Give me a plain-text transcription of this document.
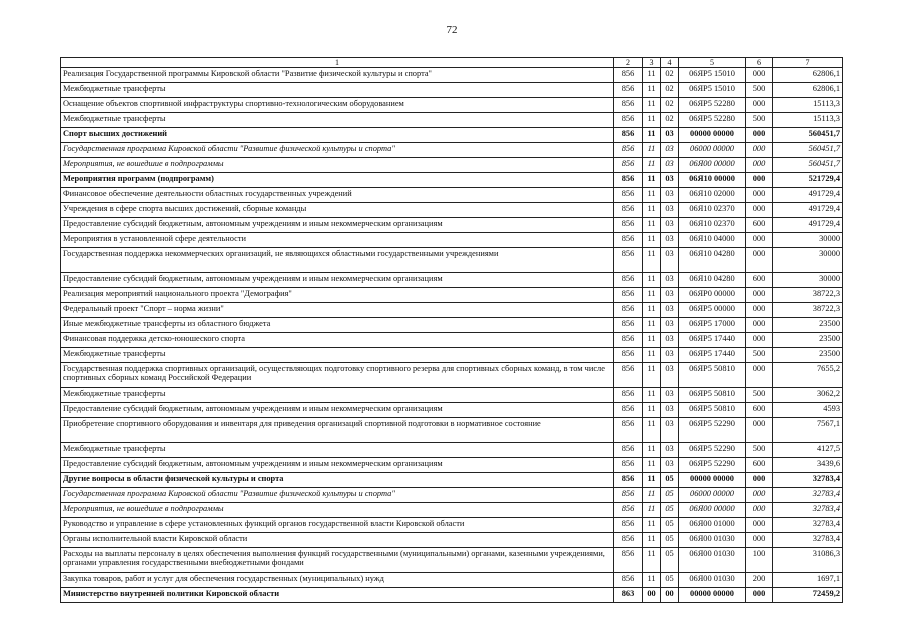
72
1	2	3	4	5	6	7
Реализация Государственной программы Кировской области "Развитие физической культуры и спорта"	856	11	02	06ЯР5 15010	000	62806,1
Межбюджетные трансферты	856	11	02	06ЯР5 15010	500	62806,1
Оснащение объектов спортивной инфраструктуры спортивно-технологическим оборудованием	856	11	02	06ЯР5 52280	000	15113,3
Межбюджетные трансферты	856	11	02	06ЯР5 52280	500	15113,3
Спорт высших достижений	856	11	03	00000 00000	000	560451,7
Государственная программа Кировской области "Развитие физической культуры и спорта"	856	11	03	06000 00000	000	560451,7
Мероприятия, не вошедшие в подпрограммы	856	11	03	06Я00 00000	000	560451,7
Мероприятия программ (подпрограмм)	856	11	03	06Я10 00000	000	521729,4
Финансовое обеспечение деятельности областных государственных учреждений	856	11	03	06Я10 02000	000	491729,4
Учреждения в сфере спорта высших достижений, сборные команды	856	11	03	06Я10 02370	000	491729,4
Предоставление субсидий бюджетным, автономным учреждениям и иным некоммерческим организациям	856	11	03	06Я10 02370	600	491729,4
Мероприятия в установленной сфере деятельности	856	11	03	06Я10 04000	000	30000
Государственная поддержка некоммерческих организаций, не являющихся областными государственными учреждениями	856	11	03	06Я10 04280	000	30000
Предоставление субсидий бюджетным, автономным учреждениям и иным некоммерческим организациям	856	11	03	06Я10 04280	600	30000
Реализация мероприятий национального проекта "Демография"	856	11	03	06ЯР0 00000	000	38722,3
Федеральный проект "Спорт – норма жизни"	856	11	03	06ЯР5 00000	000	38722,3
Иные межбюджетные трансферты из областного бюджета	856	11	03	06ЯР5 17000	000	23500
Финансовая поддержка детско-юношеского спорта	856	11	03	06ЯР5 17440	000	23500
Межбюджетные трансферты	856	11	03	06ЯР5 17440	500	23500
Государственная поддержка спортивных организаций, осуществляющих подготовку спортивного резерва для спортивных сборных команд, в том числе спортивных сборных команд Российской Федерации	856	11	03	06ЯР5 50810	000	7655,2
Межбюджетные трансферты	856	11	03	06ЯР5 50810	500	3062,2
Предоставление субсидий бюджетным, автономным учреждениям и иным некоммерческим организациям	856	11	03	06ЯР5 50810	600	4593
Приобретение спортивного оборудования и инвентаря для приведения организаций спортивной подготовки в нормативное состояние	856	11	03	06ЯР5 52290	000	7567,1
Межбюджетные трансферты	856	11	03	06ЯР5 52290	500	4127,5
Предоставление субсидий бюджетным, автономным учреждениям и иным некоммерческим организациям	856	11	03	06ЯР5 52290	600	3439,6
Другие вопросы в области физической культуры и спорта	856	11	05	00000 00000	000	32783,4
Государственная программа Кировской области "Развитие физической культуры и спорта"	856	11	05	06000 00000	000	32783,4
Мероприятия, не вошедшие в подпрограммы	856	11	05	06Я00 00000	000	32783,4
Руководство и управление в сфере установленных функций органов государственной власти Кировской области	856	11	05	06Я00 01000	000	32783,4
Органы исполнительной власти Кировской области	856	11	05	06Я00 01030	000	32783,4
Расходы на выплаты персоналу в целях обеспечения выполнения функций государственными (муниципальными) органами, казенными учреждениями, органами управления государственными внебюджетными фондами	856	11	05	06Я00 01030	100	31086,3
Закупка товаров, работ и услуг для обеспечения государственных (муниципальных) нужд	856	11	05	06Я00 01030	200	1697,1
Министерство внутренней политики Кировской области	863	00	00	00000 00000	000	72459,2
